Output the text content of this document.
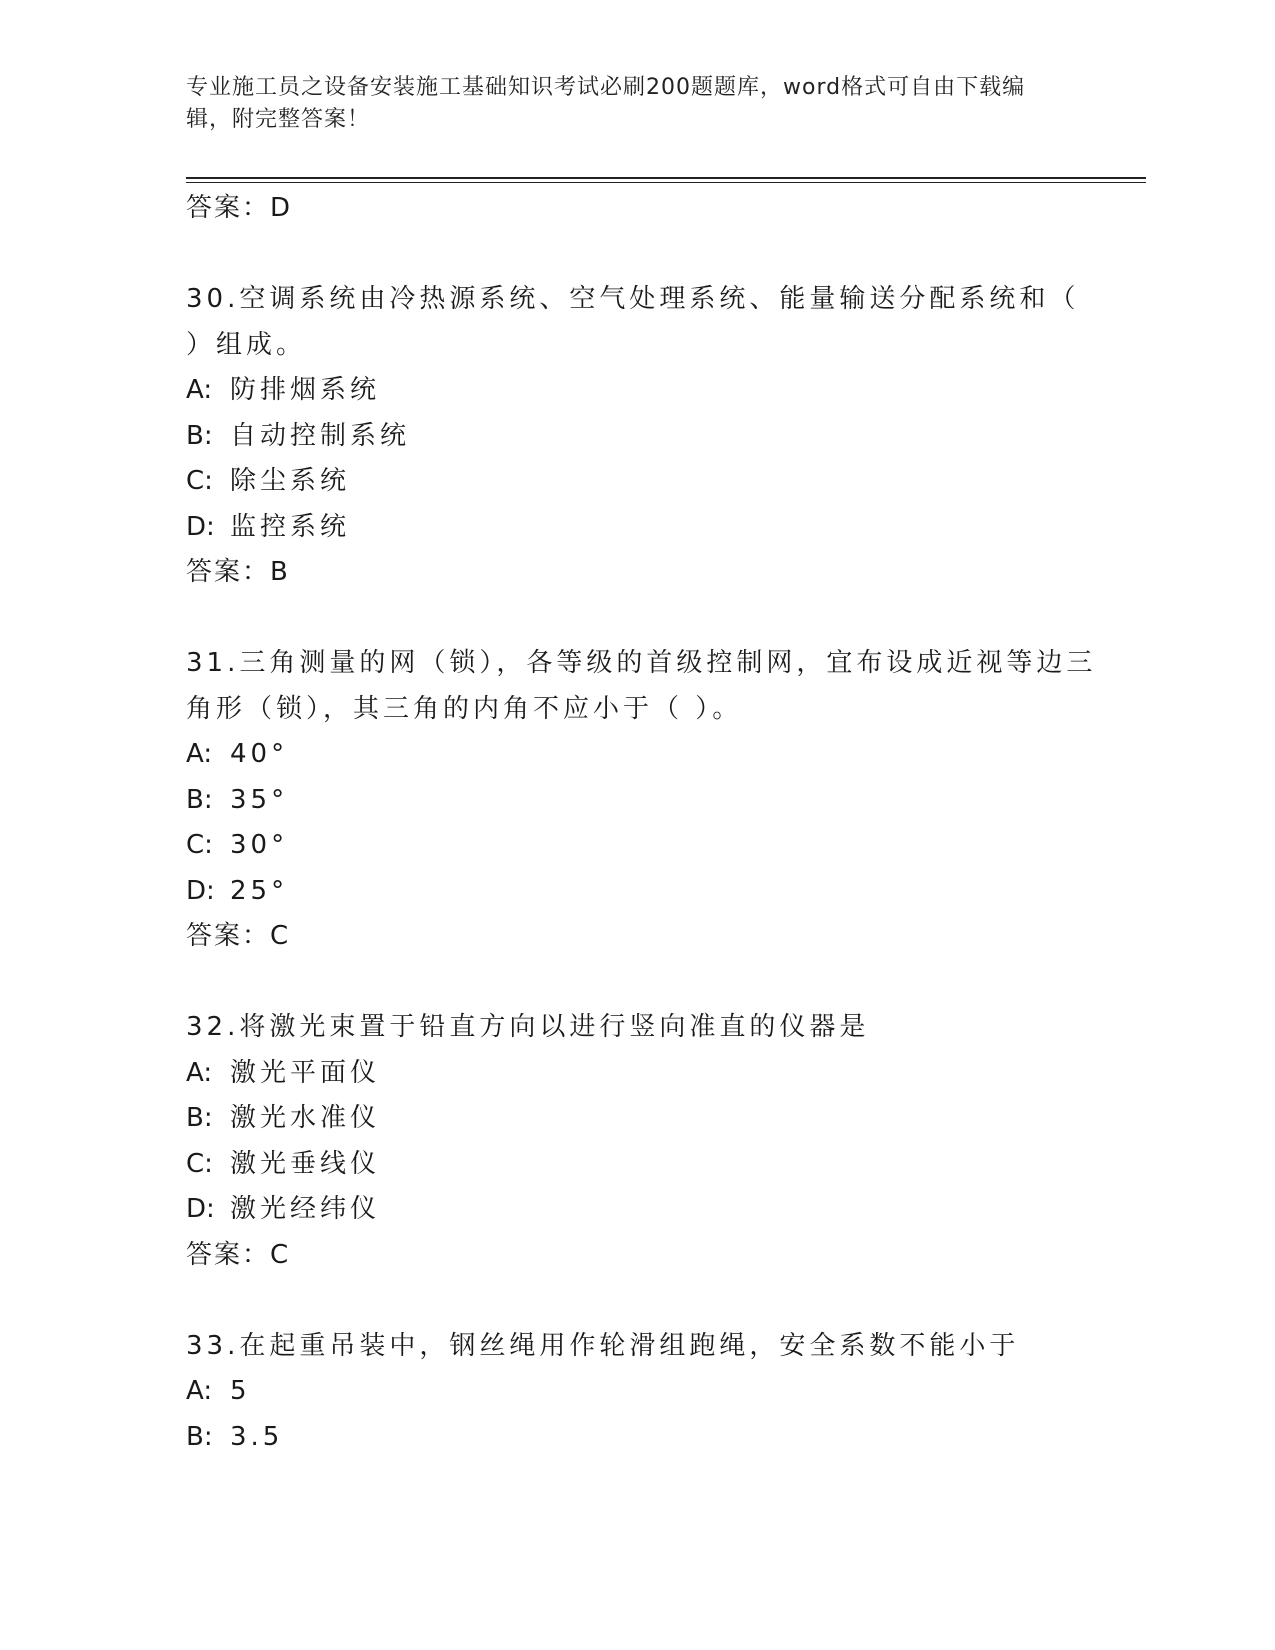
专业施工员之设备安装施工基础知识考试必刷200题题库，word格式可自由下载编辑，附完整答案！
答案：D
30.空调系统由冷热源系统、空气处理系统、能量输送分配系统和（
）组成。
A: 防排烟系统
B: 自动控制系统
C: 除尘系统
D: 监控系统
答案：B
31.三角测量的网（锁），各等级的首级控制网，宜布设成近视等边三
角形（锁），其三角的内角不应小于（ ）。
A: 40°
B: 35°
C: 30°
D: 25°
答案：C
32.将激光束置于铅直方向以进行竖向准直的仪器是
A: 激光平面仪
B: 激光水准仪
C: 激光垂线仪
D: 激光经纬仪
答案：C
33.在起重吊装中，钢丝绳用作轮滑组跑绳，安全系数不能小于
A: 5
B: 3.5
